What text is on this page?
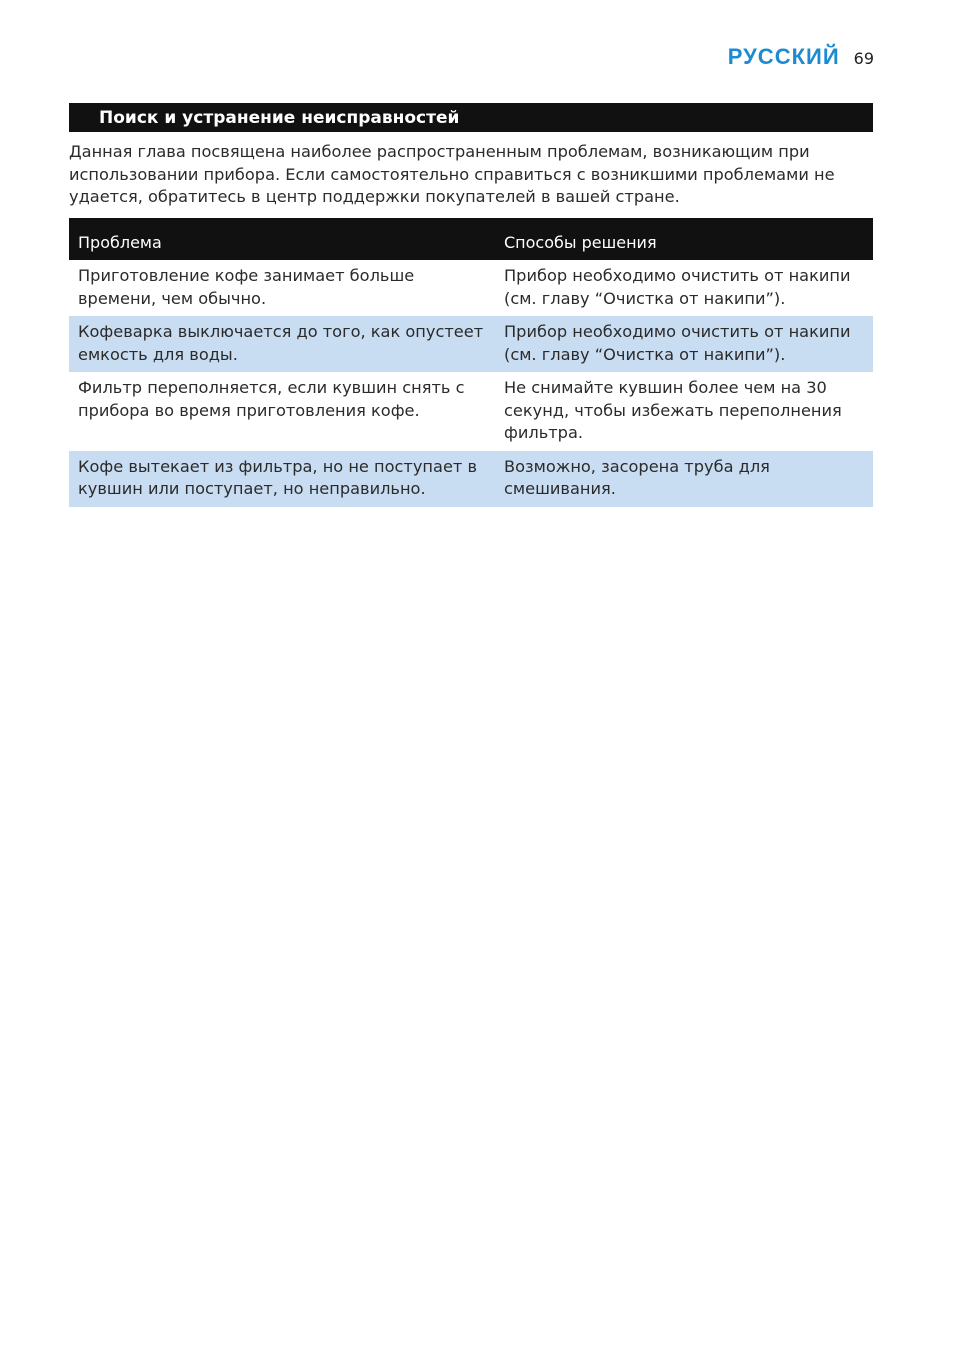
РУССКИЙ 69
Поиск и устранение неисправностей

Данная глава посвящена наиболее распространенным проблемам, возникающим при использовании прибора. Если самостоятельно справиться с возникшими проблемами не удается, обратитесь в центр поддержки покупателей в вашей стране.

Проблема	Способы решения
Приготовление кофе занимает больше времени, чем обычно.	Прибор необходимо очистить от накипи (см. главу “Очистка от накипи”).
Кофеварка выключается до того, как опустеет емкость для воды.	Прибор необходимо очистить от накипи (см. главу “Очистка от накипи”).
Фильтр переполняется, если кувшин снять с прибора во время приготовления кофе.	Не снимайте кувшин более чем на 30 секунд, чтобы избежать переполнения фильтра.
Кофе вытекает из фильтра, но не поступает в кувшин или поступает, но неправильно.	Возможно, засорена труба для смешивания.
